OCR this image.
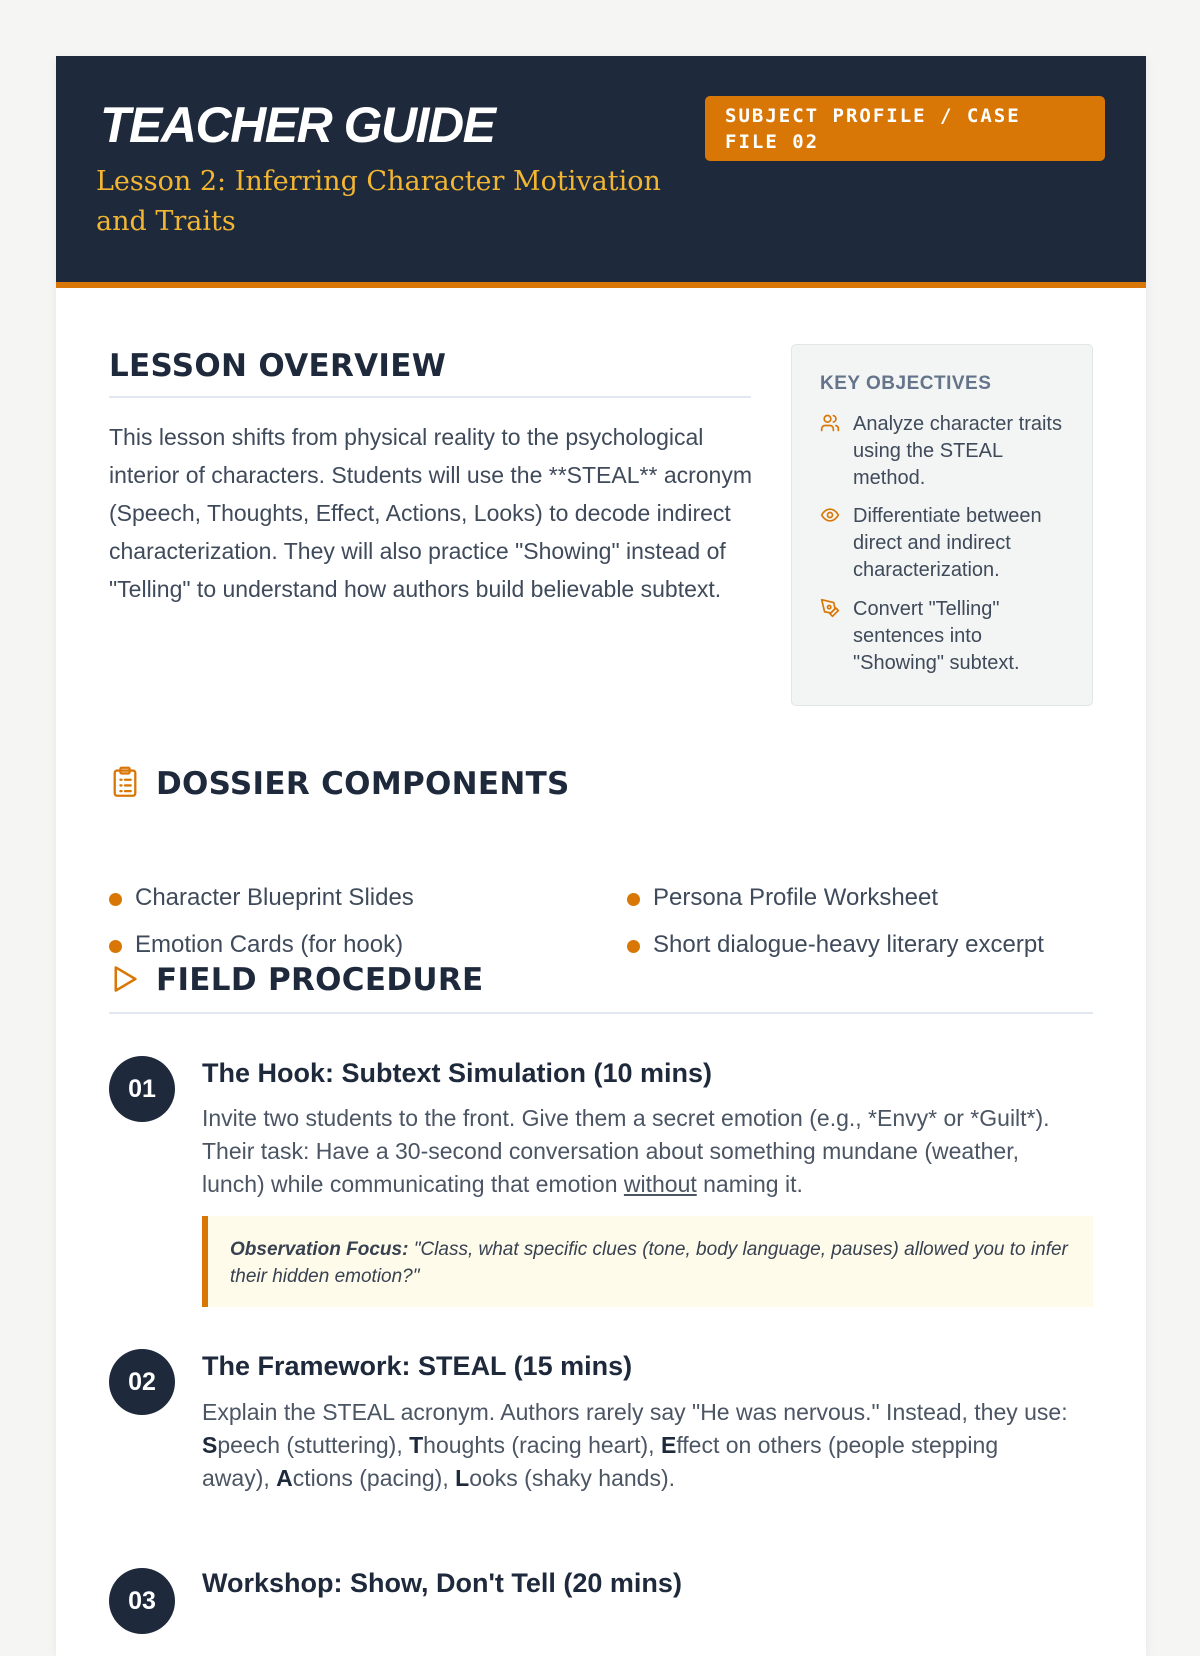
TEACHER GUIDE
Lesson 2: Inferring Character Motivation and Traits
SUBJECT PROFILE / CASE FILE 02
LESSON OVERVIEW
This lesson shifts from physical reality to the psychological interior of characters. Students will use the **STEAL** acronym (Speech, Thoughts, Effect, Actions, Looks) to decode indirect characterization. They will also practice "Showing" instead of "Telling" to understand how authors build believable subtext.
KEY OBJECTIVES
Analyze character traits using the STEAL method.
Differentiate between direct and indirect characterization.
Convert "Telling" sentences into "Showing" subtext.
DOSSIER COMPONENTS
Character Blueprint Slides	Persona Profile Worksheet
Emotion Cards (for hook)	Short dialogue-heavy literary excerpt
FIELD PROCEDURE
01
The Hook: Subtext Simulation (10 mins)
Invite two students to the front. Give them a secret emotion (e.g., *Envy* or *Guilt*). Their task: Have a 30-second conversation about something mundane (weather, lunch) while communicating that emotion without naming it.
Observation Focus: "Class, what specific clues (tone, body language, pauses) allowed you to infer their hidden emotion?"
02
The Framework: STEAL (15 mins)
Explain the STEAL acronym. Authors rarely say "He was nervous." Instead, they use:
Speech (stuttering), Thoughts (racing heart), Effect on others (people stepping away), Actions (pacing), Looks (shaky hands).
03
Workshop: Show, Don't Tell (20 mins)
